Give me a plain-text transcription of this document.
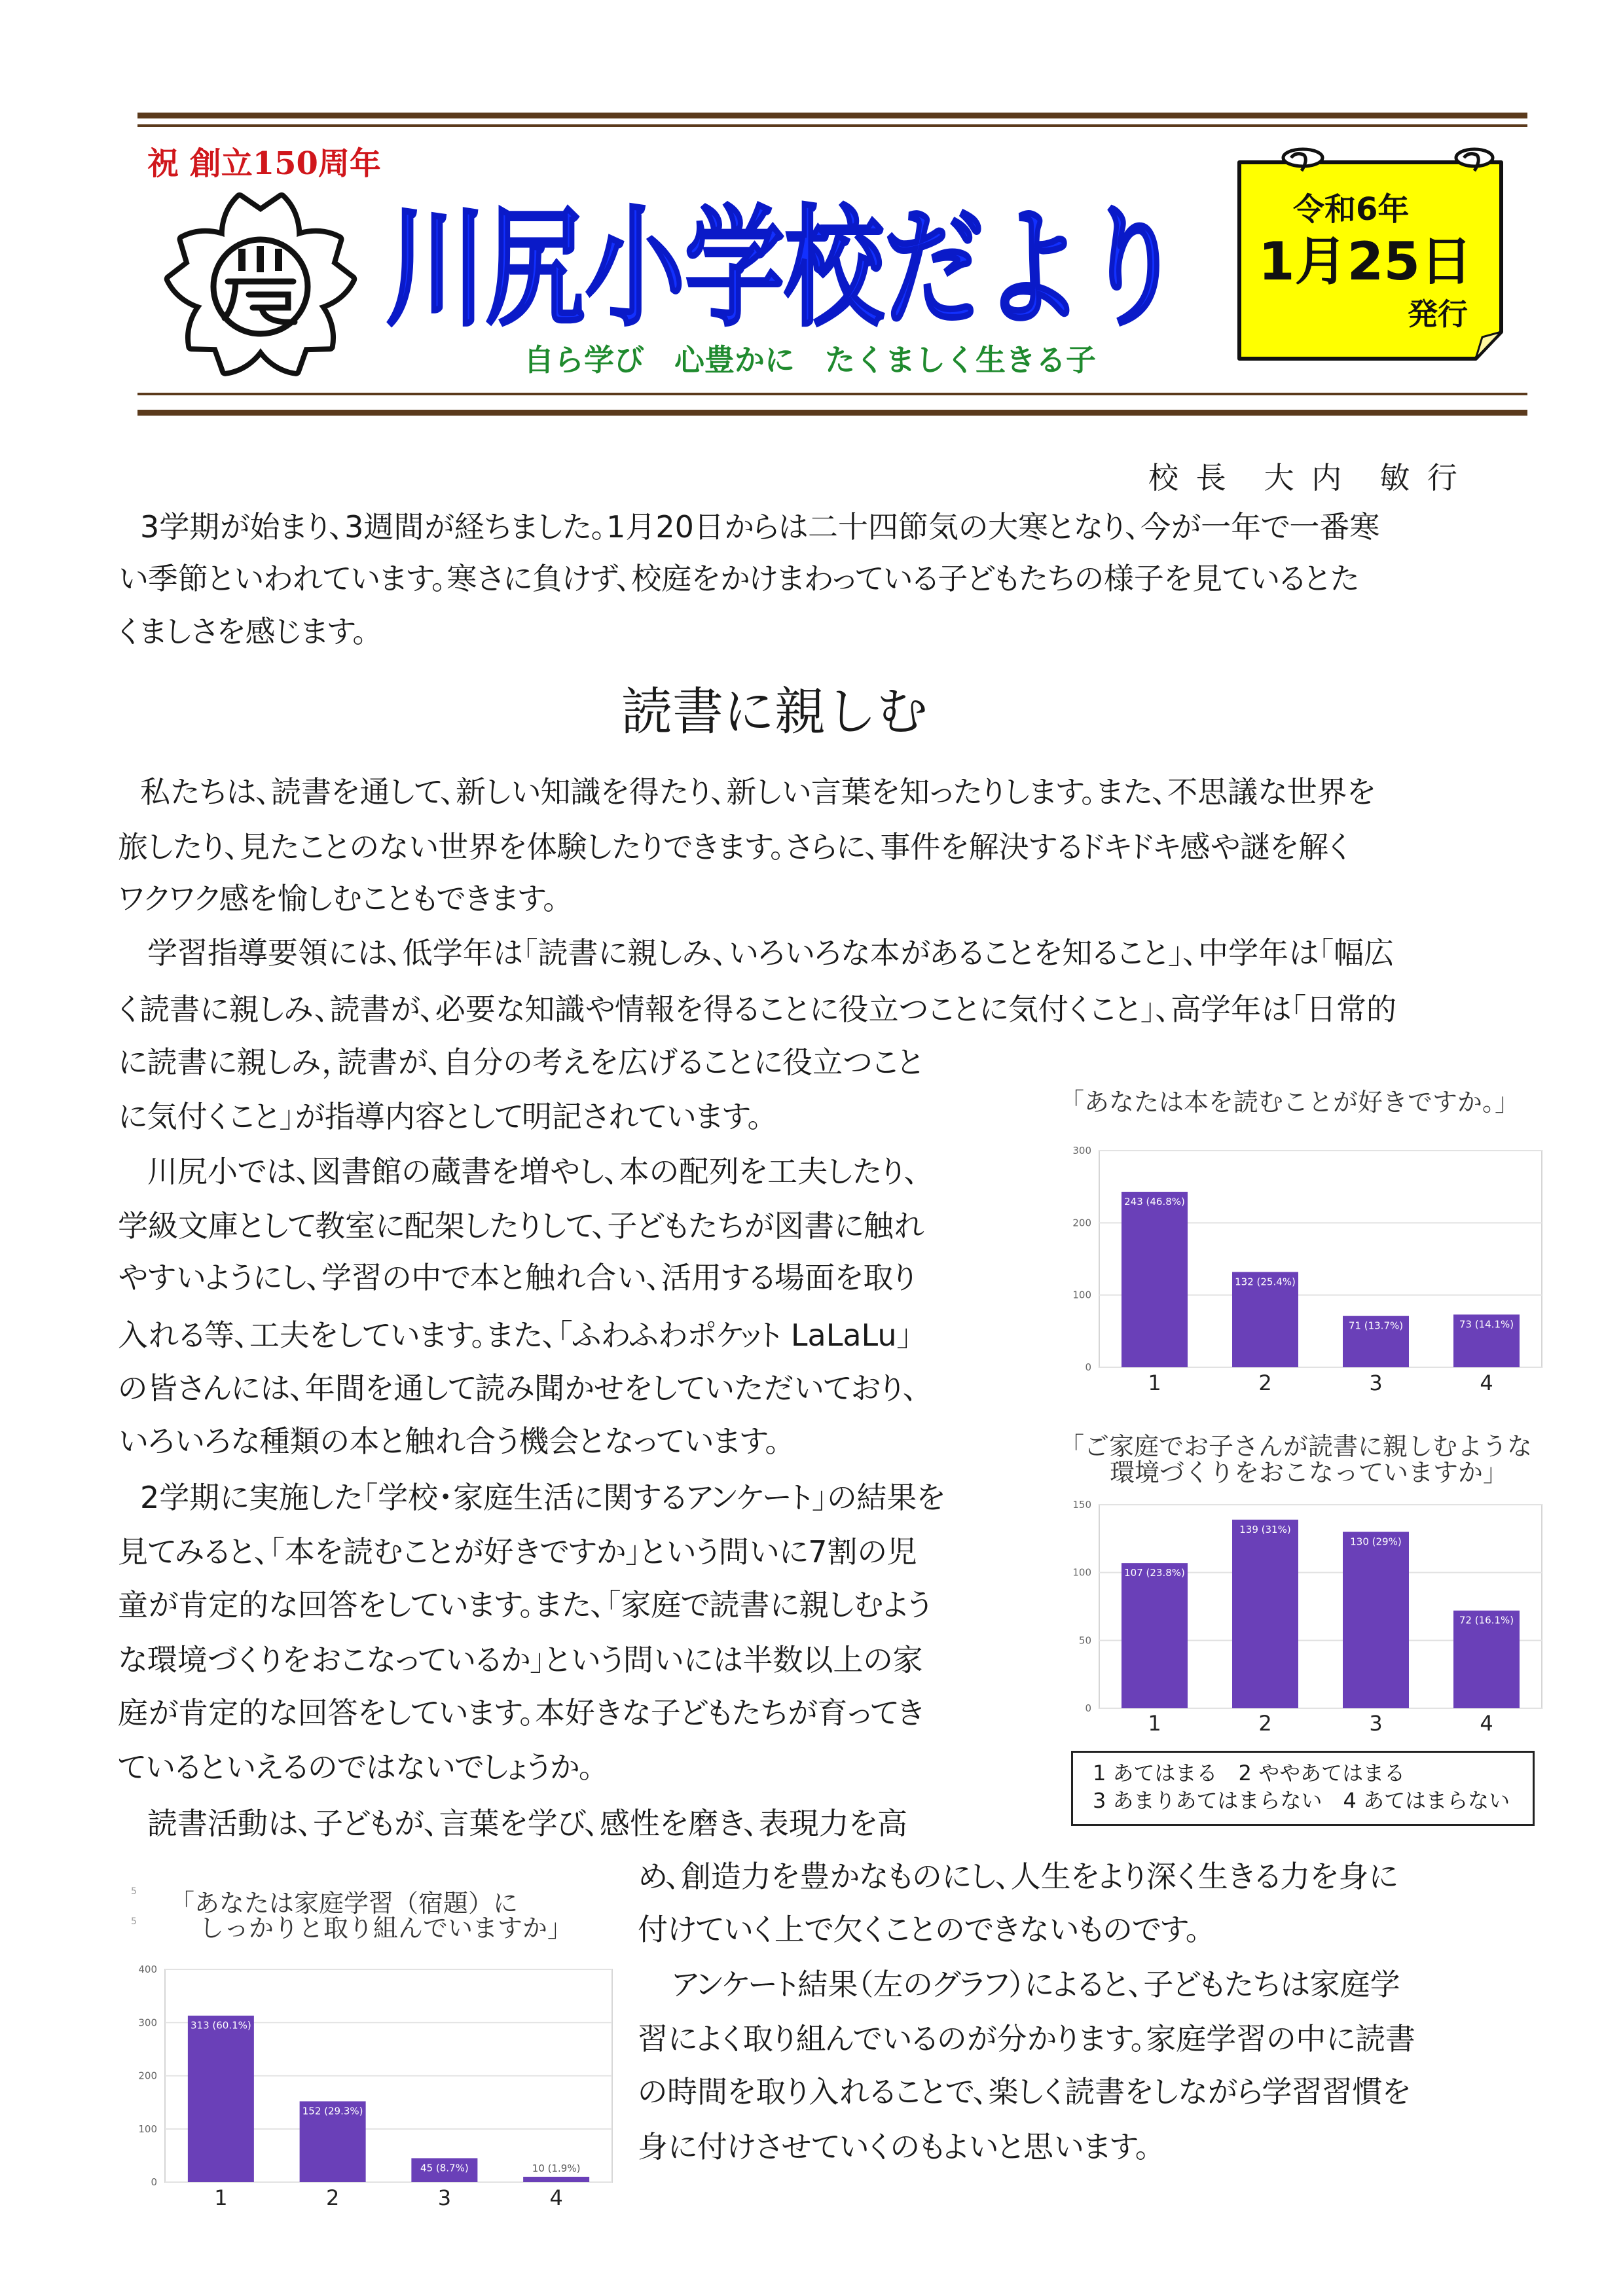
祝 創立150周年
川尻小学校だより
自ら学び　心豊かに　たくましく生きる子
令和6年
1月25日
発行
校 長　大 内　敏 行
3学期が始まり、3週間が経ちました。1月20日からは二十四節気の大寒となり、今が一年で一番寒
い季節といわれています。寒さに負けず、校庭をかけまわっている子どもたちの様子を見ているとた
くましさを感じます。
読書に親しむ
私たちは、読書を通して、新しい知識を得たり、新しい言葉を知ったりします。また、不思議な世界を
旅したり、見たことのない世界を体験したりできます。さらに、事件を解決するドキドキ感や謎を解く
ワクワク感を愉しむこともできます。
学習指導要領には、低学年は「読書に親しみ、いろいろな本があることを知ること」、中学年は「幅広
く読書に親しみ、読書が、必要な知識や情報を得ることに役立つことに気付くこと」、高学年は「日常的
に読書に親しみ，読書が、自分の考えを広げることに役立つこと
に気付くこと」が指導内容として明記されています。
川尻小では、図書館の蔵書を増やし、本の配列を工夫したり、
学級文庫として教室に配架したりして、子どもたちが図書に触れ
やすいようにし、学習の中で本と触れ合い、活用する場面を取り
入れる等、工夫をしています。また、「ふわふわポケット LaLaLu」
の皆さんには、年間を通して読み聞かせをしていただいており、
いろいろな種類の本と触れ合う機会となっています。
2学期に実施した「学校・家庭生活に関するアンケート」の結果を
見てみると、「本を読むことが好きですか」という問いに7割の児
童が肯定的な回答をしています。また、「家庭で読書に親しむよう
な環境づくりをおこなっているか」という問いには半数以上の家
庭が肯定的な回答をしています。本好きな子どもたちが育ってき
ているといえるのではないでしょうか。
読書活動は、子どもが、言葉を学び、感性を磨き、表現力を高
め、創造力を豊かなものにし、人生をより深く生きる力を身に
付けていく上で欠くことのできないものです。
アンケート結果（左のグラフ）によると、子どもたちは家庭学
習によく取り組んでいるのが分かります。家庭学習の中に読書
の時間を取り入れることで、楽しく読書をしながら学習習慣を
身に付けさせていくのもよいと思います。
「あなたは本を読むことが好きですか。」
0
100
200
300
243 (46.8%)
1
132 (25.4%)
2
71 (13.7%)
3
73 (14.1%)
4
「ご家庭でお子さんが読書に親しむような
環境づくりをおこなっていますか」
0
50
100
150
107 (23.8%)
1
139 (31%)
2
130 (29%)
3
72 (16.1%)
4
1 あてはまる　2 ややあてはまる
3 あまりあてはまらない　4 あてはまらない
5
5
「あなたは家庭学習（宿題）に
しっかりと取り組んでいますか」
0
100
200
300
400
313 (60.1%)
1
152 (29.3%)
2
45 (8.7%)
3
10 (1.9%)
4
